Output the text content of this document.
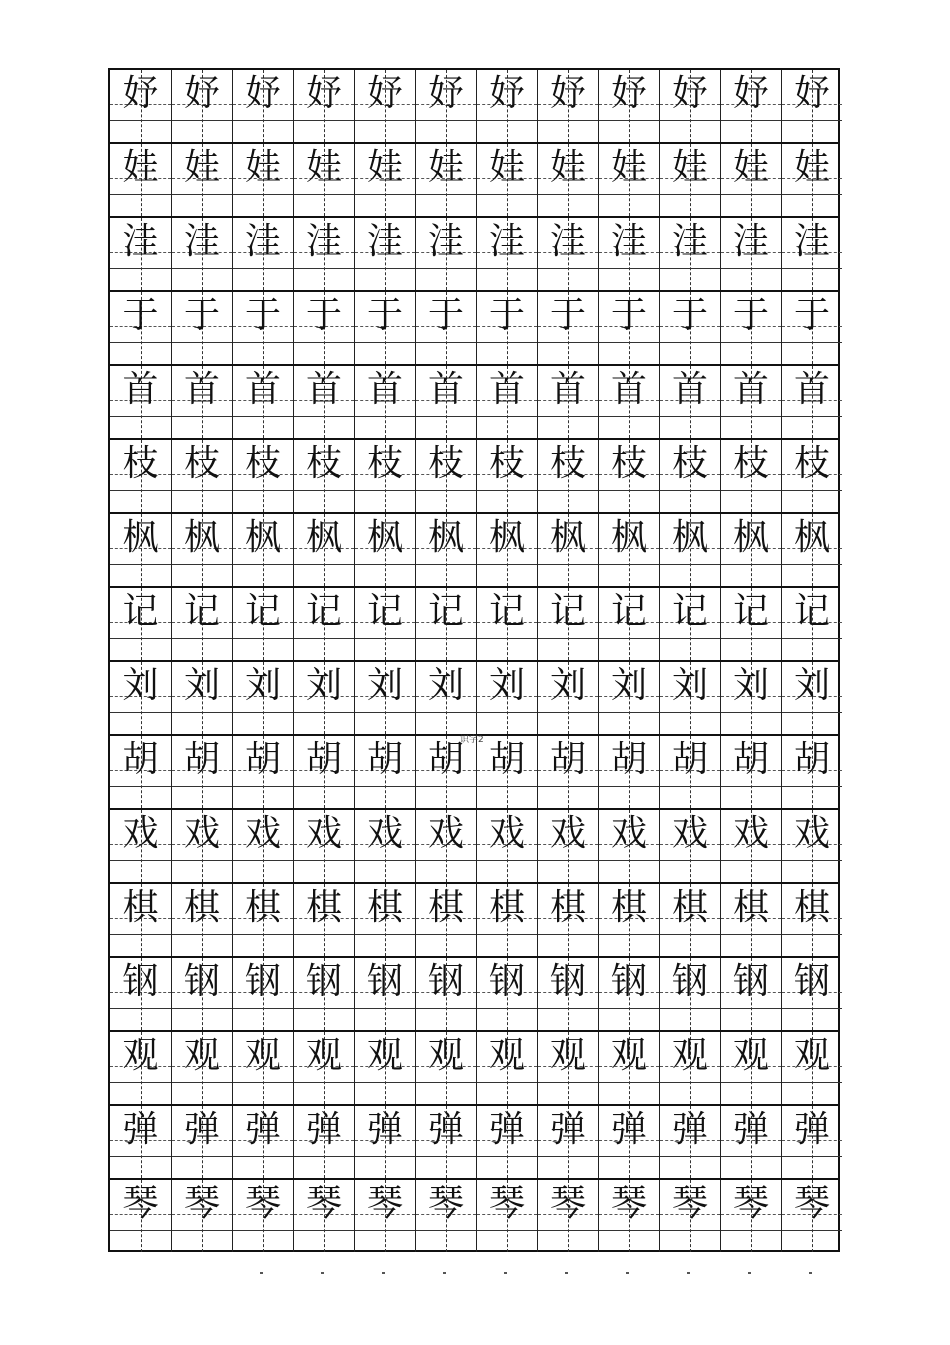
妤 妤 妤 妤 妤 妤 妤 妤 妤 妤 妤 妤
娃 娃 娃 娃 娃 娃 娃 娃 娃 娃 娃 娃
洼 洼 洼 洼 洼 洼 洼 洼 洼 洼 洼 洼
于 于 于 于 于 于 于 于 于 于 于 于
首 首 首 首 首 首 首 首 首 首 首 首
枝 枝 枝 枝 枝 枝 枝 枝 枝 枝 枝 枝
枫 枫 枫 枫 枫 枫 枫 枫 枫 枫 枫 枫
记 记 记 记 记 记 记 记 记 记 记 记
刘 刘 刘 刘 刘 刘 刘 刘 刘 刘 刘 刘
胡 胡 胡 胡 胡 胡 胡 胡 胡 胡 胡 胡
戏 戏 戏 戏 戏 戏 戏 戏 戏 戏 戏 戏
棋 棋 棋 棋 棋 棋 棋 棋 棋 棋 棋 棋
钢 钢 钢 钢 钢 钢 钢 钢 钢 钢 钢 钢
观 观 观 观 观 观 观 观 观 观 观 观
弹 弹 弹 弹 弹 弹 弹 弹 弹 弹 弹 弹
琴 琴 琴 琴 琴 琴 琴 琴 琴 琴 琴 琴
识字2
